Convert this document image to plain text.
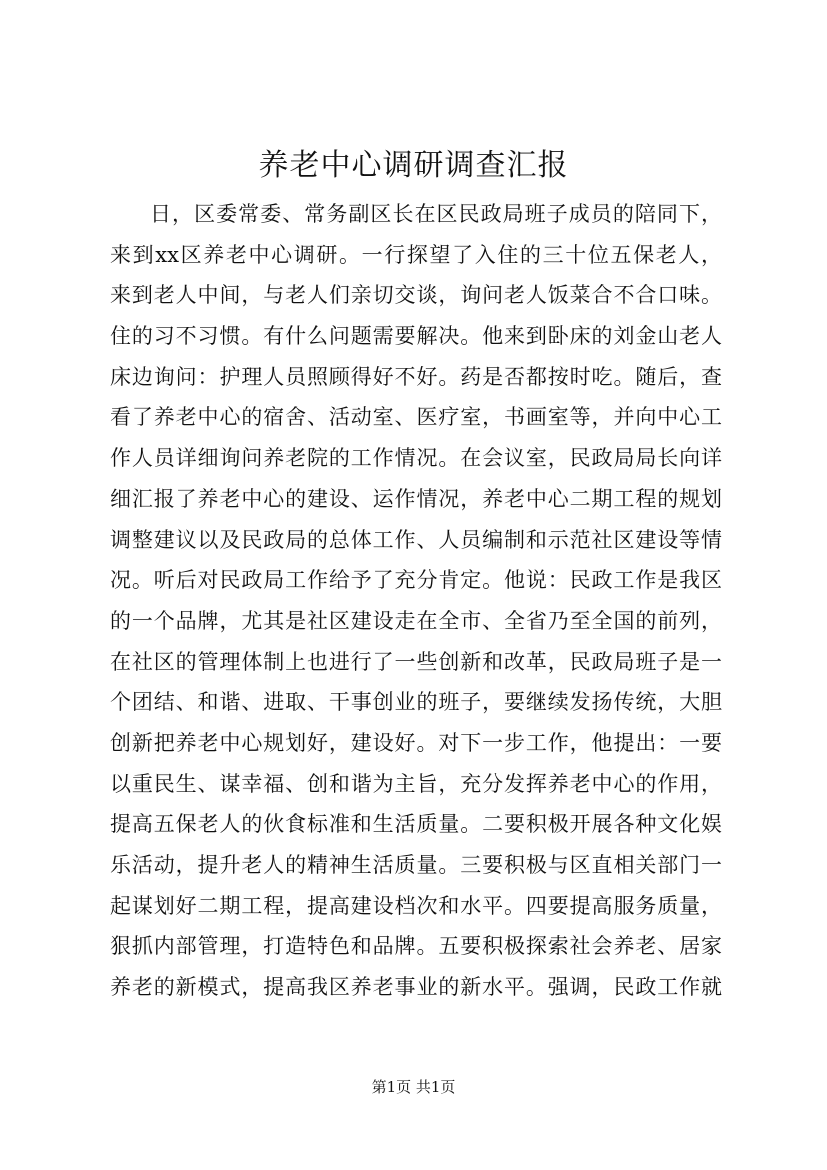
养老中心调研调查汇报
日，区委常委、常务副区长在区民政局班子成员的陪同下，
来到xx区养老中心调研。一行探望了入住的三十位五保老人，
来到老人中间，与老人们亲切交谈，询问老人饭菜合不合口味。
住的习不习惯。有什么问题需要解决。他来到卧床的刘金山老人
床边询问：护理人员照顾得好不好。药是否都按时吃。随后，查
看了养老中心的宿舍、活动室、医疗室，书画室等，并向中心工
作人员详细询问养老院的工作情况。在会议室，民政局局长向详
细汇报了养老中心的建设、运作情况，养老中心二期工程的规划
调整建议以及民政局的总体工作、人员编制和示范社区建设等情
况。听后对民政局工作给予了充分肯定。他说：民政工作是我区
的一个品牌，尤其是社区建设走在全市、全省乃至全国的前列，
在社区的管理体制上也进行了一些创新和改革，民政局班子是一
个团结、和谐、进取、干事创业的班子，要继续发扬传统，大胆
创新把养老中心规划好，建设好。对下一步工作，他提出：一要
以重民生、谋幸福、创和谐为主旨，充分发挥养老中心的作用，
提高五保老人的伙食标准和生活质量。二要积极开展各种文化娱
乐活动，提升老人的精神生活质量。三要积极与区直相关部门一
起谋划好二期工程，提高建设档次和水平。四要提高服务质量，
狠抓内部管理，打造特色和品牌。五要积极探索社会养老、居家
养老的新模式，提高我区养老事业的新水平。强调，民政工作就
第1页 共1页
